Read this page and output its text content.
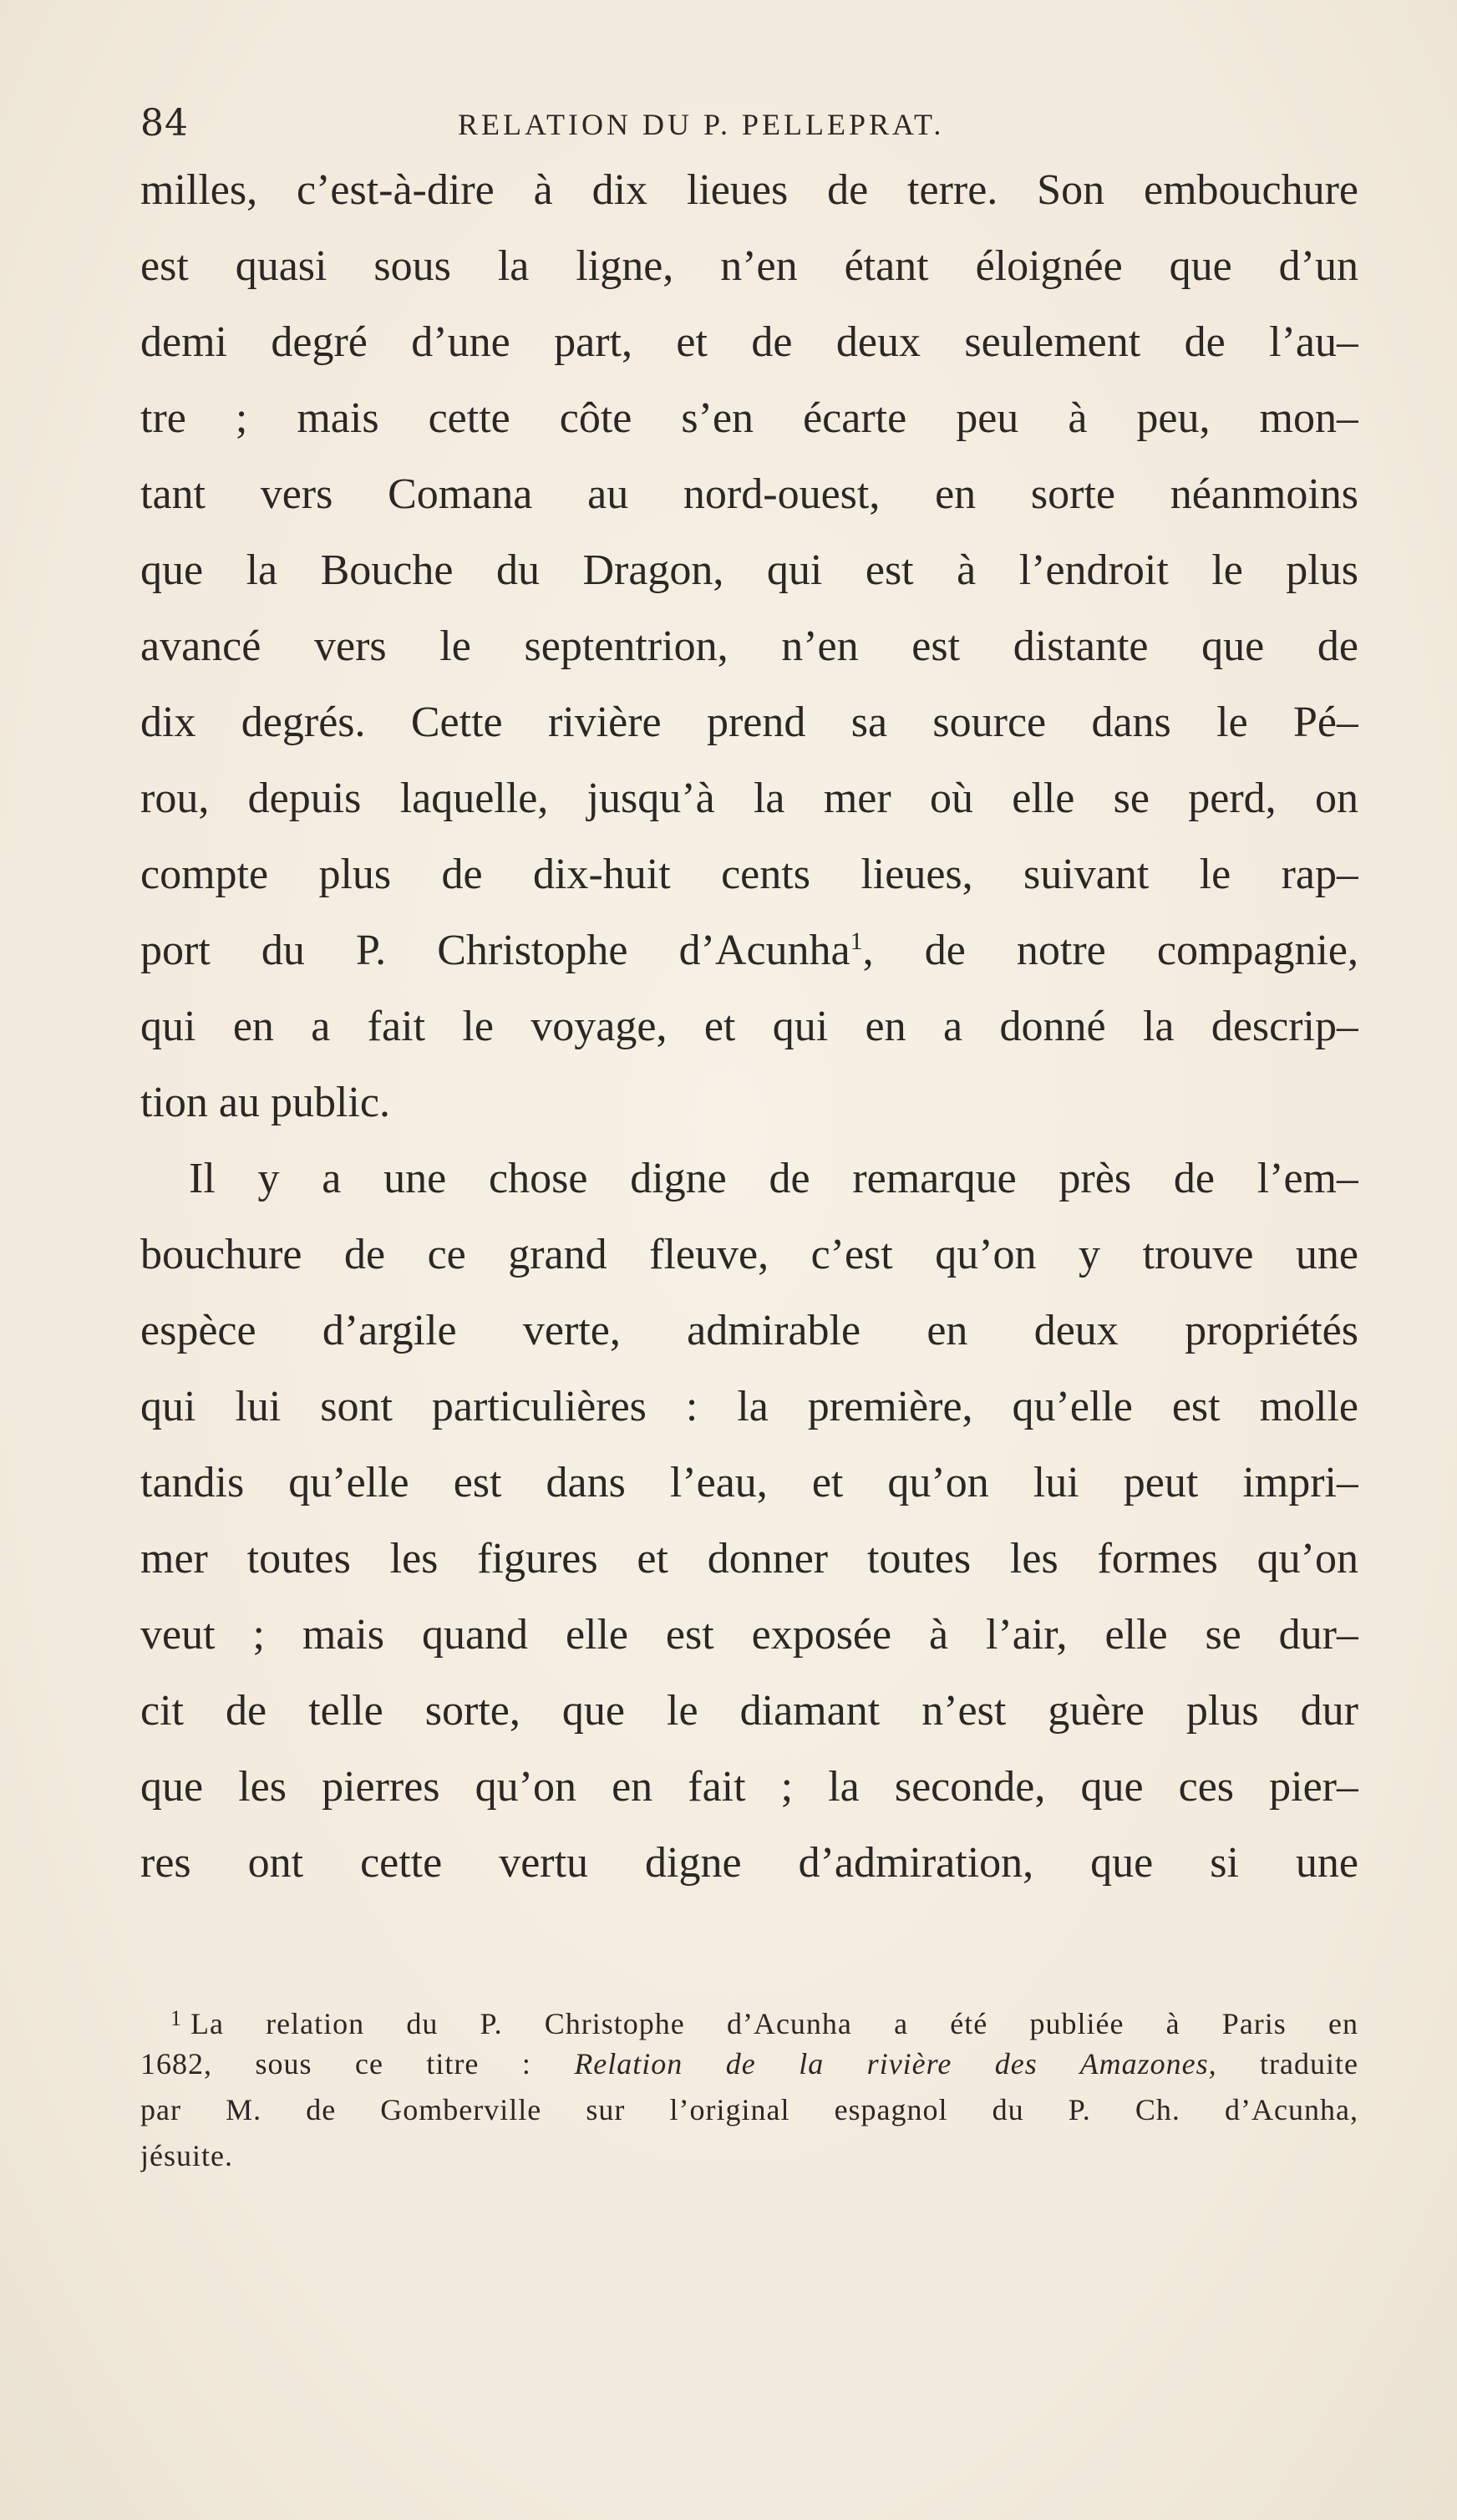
84	RELATION DU P. PELLEPRAT.
milles, c’est-à-dire à dix lieues de terre. Son embouchure
est quasi sous la ligne, n’en étant éloignée que d’un
demi degré d’une part, et de deux seulement de l’au–
tre ; mais cette côte s’en écarte peu à peu, mon–
tant vers Comana au nord-ouest, en sorte néanmoins
que la Bouche du Dragon, qui est à l’endroit le plus
avancé vers le septentrion, n’en est distante que de
dix degrés. Cette rivière prend sa source dans le Pé–
rou, depuis laquelle, jusqu’à la mer où elle se perd, on
compte plus de dix-huit cents lieues, suivant le rap–
port du P. Christophe d’Acunha$^1$, de notre compagnie,
qui en a fait le voyage, et qui en a donné la descrip–
tion au public.
Il y a une chose digne de remarque près de l’em–
bouchure de ce grand fleuve, c’est qu’on y trouve une
espèce d’argile verte, admirable en deux propriétés
qui lui sont particulières : la première, qu’elle est molle
tandis qu’elle est dans l’eau, et qu’on lui peut impri–
mer toutes les figures et donner toutes les formes qu’on
veut ; mais quand elle est exposée à l’air, elle se dur–
cit de telle sorte, que le diamant n’est guère plus dur
que les pierres qu’on en fait ; la seconde, que ces pier–
res ont cette vertu digne d’admiration, que si une
$^1$ La relation du P. Christophe d’Acunha a été publiée à Paris en
1682, sous ce titre : Relation de la rivière des Amazones, traduite
par M. de Gomberville sur l’original espagnol du P. Ch. d’Acunha,
jésuite.
